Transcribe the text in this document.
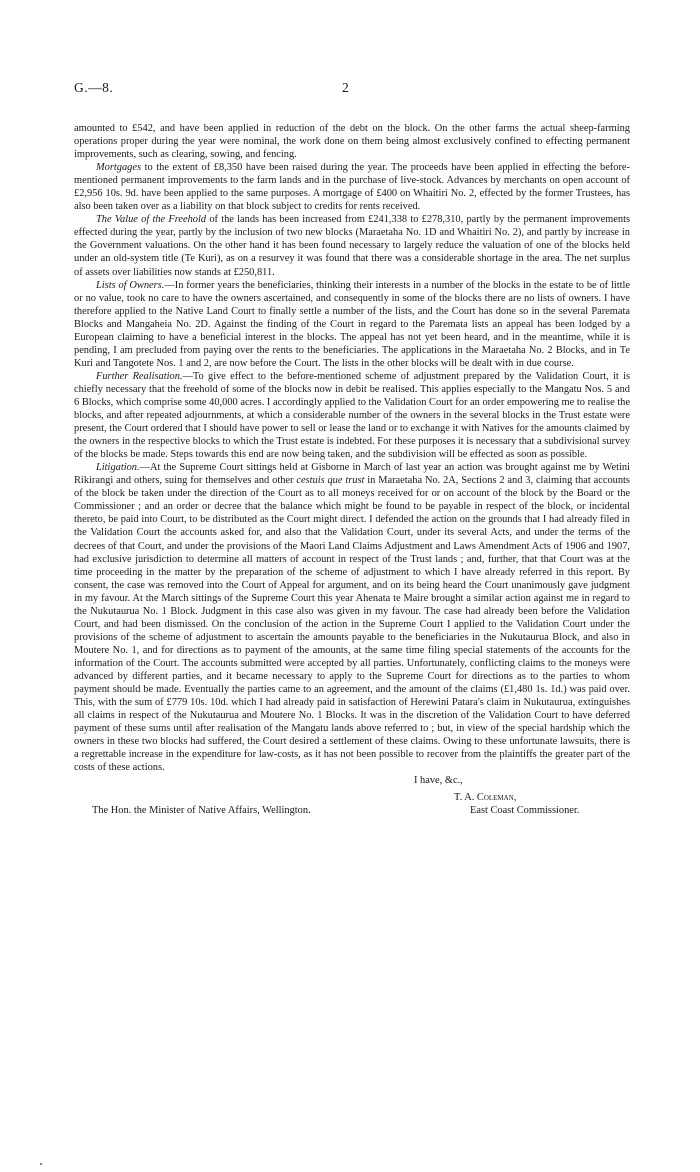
G.—8.	2

amounted to £542, and have been applied in reduction of the debt on the block. On the other farms the actual sheep-farming operations proper during the year were nominal, the work done on them being almost exclusively confined to effecting permanent improvements, such as clearing, sowing, and fencing.

Mortgages to the extent of £8,350 have been raised during the year. The proceeds have been applied in effecting the before-mentioned permanent improvements to the farm lands and in the purchase of live-stock. Advances by merchants on open account of £2,956 10s. 9d. have been applied to the same purposes. A mortgage of £400 on Whaitiri No. 2, effected by the former Trustees, has also been taken over as a liability on that block subject to credits for rents received.

The Value of the Freehold of the lands has been increased from £241,338 to £278,310, partly by the permanent improvements effected during the year, partly by the inclusion of two new blocks (Maraetaha No. 1D and Whaitiri No. 2), and partly by increase in the Government valuations. On the other hand it has been found necessary to largely reduce the valuation of one of the blocks held under an old-system title (Te Kuri), as on a resurvey it was found that there was a considerable shortage in the area. The net surplus of assets over liabilities now stands at £250,811.

Lists of Owners.—In former years the beneficiaries, thinking their interests in a number of the blocks in the estate to be of little or no value, took no care to have the owners ascertained, and consequently in some of the blocks there are no lists of owners. I have therefore applied to the Native Land Court to finally settle a number of the lists, and the Court has done so in the several Paremata Blocks and Mangaheia No. 2D. Against the finding of the Court in regard to the Paremata lists an appeal has been lodged by a European claiming to have a beneficial interest in the blocks. The appeal has not yet been heard, and in the meantime, while it is pending, I am precluded from paying over the rents to the beneficiaries. The applications in the Maraetaha No. 2 Blocks, and in Te Kuri and Tangotete Nos. 1 and 2, are now before the Court. The lists in the other blocks will be dealt with in due course.

Further Realisation.—To give effect to the before-mentioned scheme of adjustment prepared by the Validation Court, it is chiefly necessary that the freehold of some of the blocks now in debit be realised. This applies especially to the Mangatu Nos. 5 and 6 Blocks, which comprise some 40,000 acres. I accordingly applied to the Validation Court for an order empowering me to realise the blocks, and after repeated adjournments, at which a considerable number of the owners in the several blocks in the Trust estate were present, the Court ordered that I should have power to sell or lease the land or to exchange it with Natives for the amounts claimed by the owners in the respective blocks to which the Trust estate is indebted. For these purposes it is necessary that a subdivisional survey of the blocks be made. Steps towards this end are now being taken, and the subdivision will be effected as soon as possible.

Litigation.—At the Supreme Court sittings held at Gisborne in March of last year an action was brought against me by Wetini Rikirangi and others, suing for themselves and other cestuis que trust in Maraetaha No. 2A, Sections 2 and 3, claiming that accounts of the block be taken under the direction of the Court as to all moneys received for or on account of the block by the Board or the Commissioner ; and an order or decree that the balance which might be found to be payable in respect of the block, or incidental thereto, be paid into Court, to be distributed as the Court might direct. I defended the action on the grounds that I had already filed in the Validation Court the accounts asked for, and also that the Validation Court, under its several Acts, and under the terms of the decrees of that Court, and under the provisions of the Maori Land Claims Adjustment and Laws Amendment Acts of 1906 and 1907, had exclusive jurisdiction to determine all matters of account in respect of the Trust lands ; and, further, that that Court was at the time proceeding in the matter by the preparation of the scheme of adjustment to which I have already referred in this report. By consent, the case was removed into the Court of Appeal for argument, and on its being heard the Court unanimously gave judgment in my favour. At the March sittings of the Supreme Court this year Ahenata te Maire brought a similar action against me in regard to the Nukutaurua No. 1 Block. Judgment in this case also was given in my favour. The case had already been before the Validation Court, and had been dismissed. On the conclusion of the action in the Supreme Court I applied to the Validation Court under the provisions of the scheme of adjustment to ascertain the amounts payable to the beneficiaries in the Nukutaurua Block, and also in Moutere No. 1, and for directions as to payment of the amounts, at the same time filing special statements of the accounts for the information of the Court. The accounts submitted were accepted by all parties. Unfortunately, conflicting claims to the moneys were advanced by different parties, and it became necessary to apply to the Supreme Court for directions as to the parties to whom payment should be made. Eventually the parties came to an agreement, and the amount of the claims (£1,480 1s. 1d.) was paid over. This, with the sum of £779 10s. 10d. which I had already paid in satisfaction of Herewini Patara's claim in Nukutaurua, extinguishes all claims in respect of the Nukutaurua and Moutere No. 1 Blocks. It was in the discretion of the Validation Court to have deferred payment of these sums until after realisation of the Mangatu lands above referred to ; but, in view of the special hardship which the owners in these two blocks had suffered, the Court desired a settlement of these claims. Owing to these unfortunate lawsuits, there is a regrettable increase in the expenditure for law-costs, as it has not been possible to recover from the plaintiffs the greater part of the costs of these actions.

I have, &c.,
T. A. Coleman,
The Hon. the Minister of Native Affairs, Wellington.	East Coast Commissioner.
